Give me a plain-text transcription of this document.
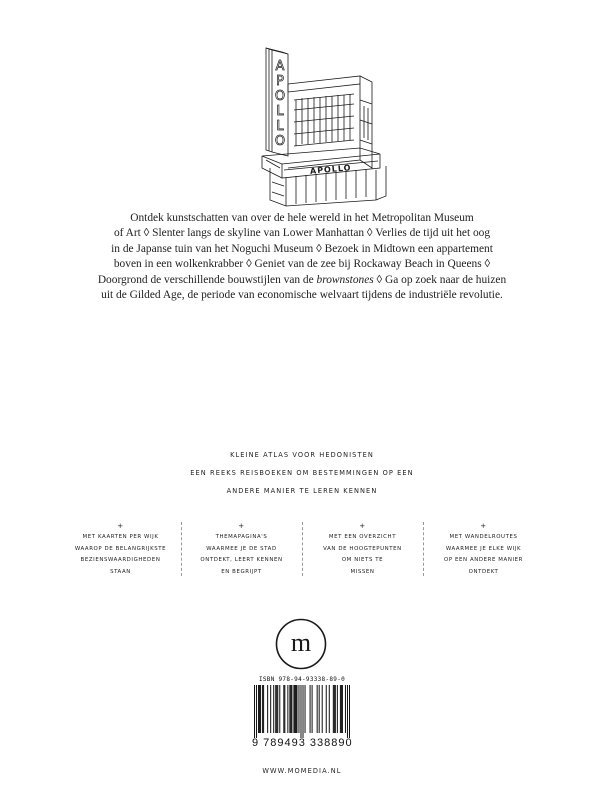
A
P
O
L
L
O
APOLLO

Ontdek kunstschatten van over de hele wereld in het Metropolitan Museum
of Art ◊ Slenter langs de skyline van Lower Manhattan ◊ Verlies de tijd uit het oog
in de Japanse tuin van het Noguchi Museum ◊ Bezoek in Midtown een appartement
boven in een wolkenkrabber ◊ Geniet van de zee bij Rockaway Beach in Queens ◊
Doorgrond de verschillende bouwstijlen van de brownstones ◊ Ga op zoek naar de huizen
uit de Gilded Age, de periode van economische welvaart tijdens de industriële revolutie.

KLEINE ATLAS VOOR HEDONISTEN
EEN REEKS REISBOEKEN OM BESTEMMINGEN OP EEN
ANDERE MANIER TE LEREN KENNEN
+
MET KAARTEN PER WIJK
WAAROP DE BELANGRIJKSTE
BEZIENSWAARDIGHEDEN
STAAN
+
THEMAPAGINA'S
WAARMEE JE DE STAD
ONTDEKT, LEERT KENNEN
EN BEGRIJPT
+
MET EEN OVERZICHT
VAN DE HOOGTEPUNTEN
OM NIETS TE
MISSEN
+
MET WANDELROUTES
WAARMEE JE ELKE WIJK
OP EEN ANDERE MANIER
ONTDEKT
m
ISBN 978-94-93338-89-0
9 789493 338890
WWW.MOMEDIA.NL
